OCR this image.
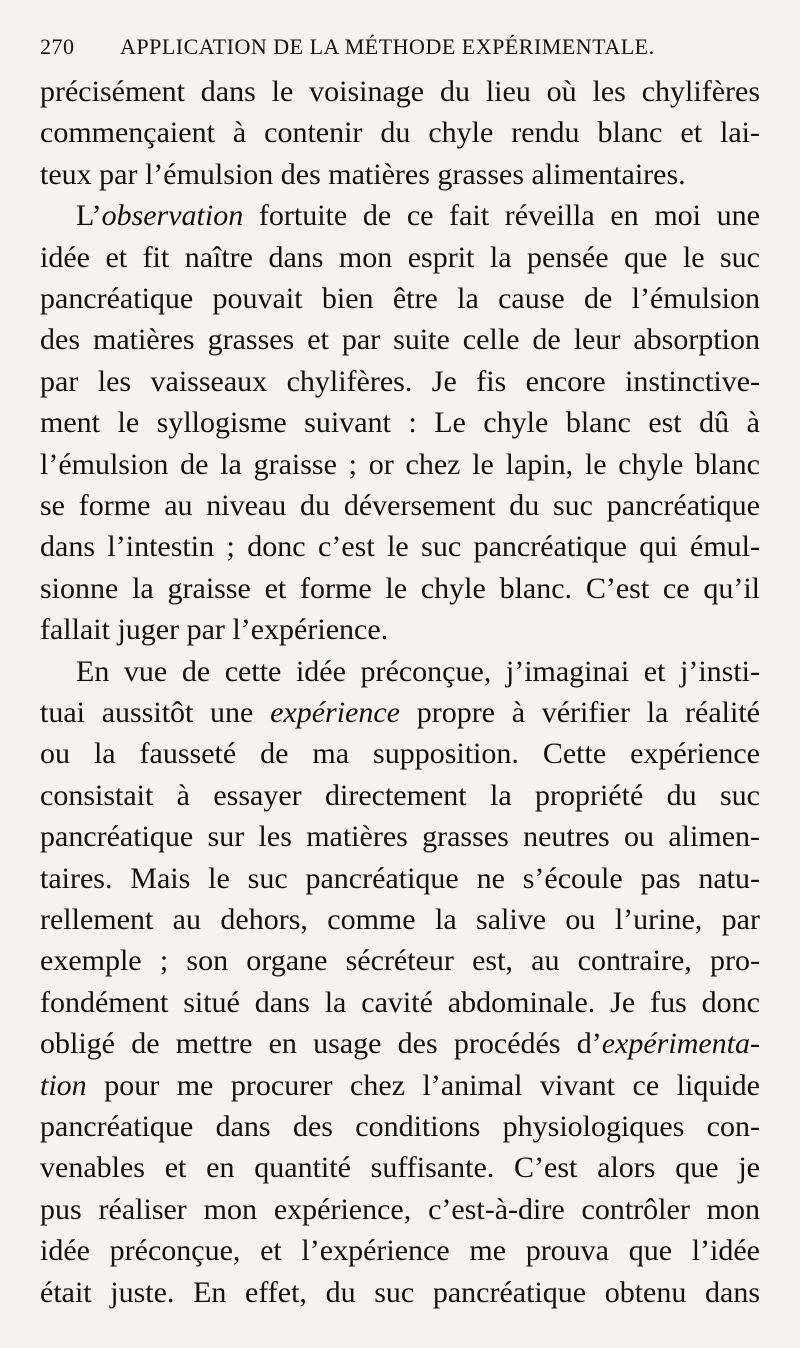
270 APPLICATION DE LA MÉTHODE EXPÉRIMENTALE.
précisément dans le voisinage du lieu où les chylifères
commençaient à contenir du chyle rendu blanc et lai-
teux par l’émulsion des matières grasses alimentaires.
L’observation fortuite de ce fait réveilla en moi une
idée et fit naître dans mon esprit la pensée que le suc
pancréatique pouvait bien être la cause de l’émulsion
des matières grasses et par suite celle de leur absorption
par les vaisseaux chylifères. Je fis encore instinctive-
ment le syllogisme suivant : Le chyle blanc est dû à
l’émulsion de la graisse ; or chez le lapin, le chyle blanc
se forme au niveau du déversement du suc pancréatique
dans l’intestin ; donc c’est le suc pancréatique qui émul-
sionne la graisse et forme le chyle blanc. C’est ce qu’il
fallait juger par l’expérience.
En vue de cette idée préconçue, j’imaginai et j’insti-
tuai aussitôt une expérience propre à vérifier la réalité
ou la fausseté de ma supposition. Cette expérience
consistait à essayer directement la propriété du suc
pancréatique sur les matières grasses neutres ou alimen-
taires. Mais le suc pancréatique ne s’écoule pas natu-
rellement au dehors, comme la salive ou l’urine, par
exemple ; son organe sécréteur est, au contraire, pro-
fondément situé dans la cavité abdominale. Je fus donc
obligé de mettre en usage des procédés d’expérimenta-
tion pour me procurer chez l’animal vivant ce liquide
pancréatique dans des conditions physiologiques con-
venables et en quantité suffisante. C’est alors que je
pus réaliser mon expérience, c’est-à-dire contrôler mon
idée préconçue, et l’expérience me prouva que l’idée
était juste. En effet, du suc pancréatique obtenu dans
